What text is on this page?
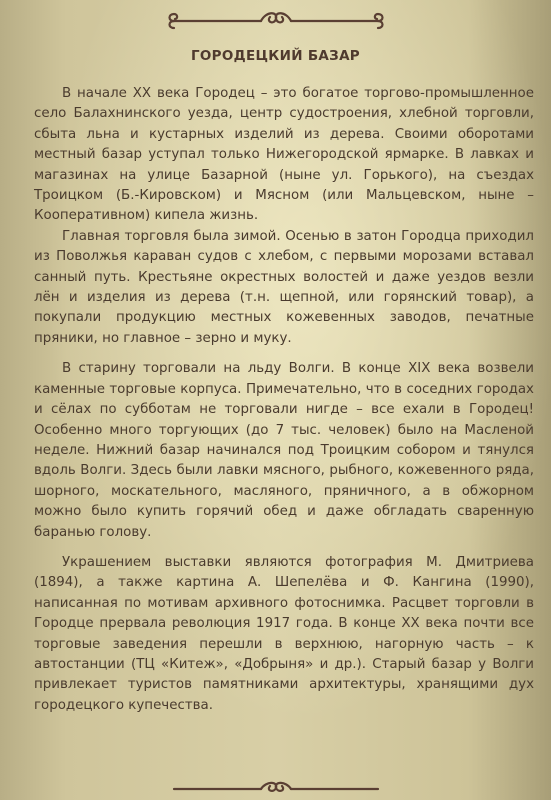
ГОРОДЕЦКИЙ БАЗАР

В начале XX века Городец – это богатое торгово-промышленное село Балахнинского уезда, центр судостроения, хлебной торговли, сбыта льна и кустарных изделий из дерева. Своими оборотами местный базар уступал только Нижегородской ярмарке. В лавках и магазинах на улице Базарной (ныне ул. Горького), на съездах Троицком (Б.-Кировском) и Мясном (или Мальцевском, ныне – Кооперативном) кипела жизнь.

Главная торговля была зимой. Осенью в затон Городца приходил из Поволжья караван судов с хлебом, с первыми морозами вставал санный путь. Крестьяне окрестных волостей и даже уездов везли лён и изделия из дерева (т.н. щепной, или горянский товар), а покупали продукцию местных кожевенных заводов, печатные пряники, но главное – зерно и муку.

В старину торговали на льду Волги. В конце XIX века возвели каменные торговые корпуса. Примечательно, что в соседних городах и сёлах по субботам не торговали нигде – все ехали в Городец! Особенно много торгующих (до 7 тыс. человек) было на Масленой неделе. Нижний базар начинался под Троицким собором и тянулся вдоль Волги. Здесь были лавки мясного, рыбного, кожевенного ряда, шорного, москательного, масляного, пряничного, а в обжорном можно было купить горячий обед и даже обгладать сваренную баранью голову.

Украшением выставки являются фотография М. Дмитриева (1894), а также картина А. Шепелёва и Ф. Кангина (1990), написанная по мотивам архивного фотоснимка. Расцвет торговли в Городце прервала революция 1917 года. В конце XX века почти все торговые заведения перешли в верхнюю, нагорную часть – к автостанции (ТЦ «Китеж», «Добрыня» и др.). Старый базар у Волги привлекает туристов памятниками архитектуры, хранящими дух городецкого купечества.
